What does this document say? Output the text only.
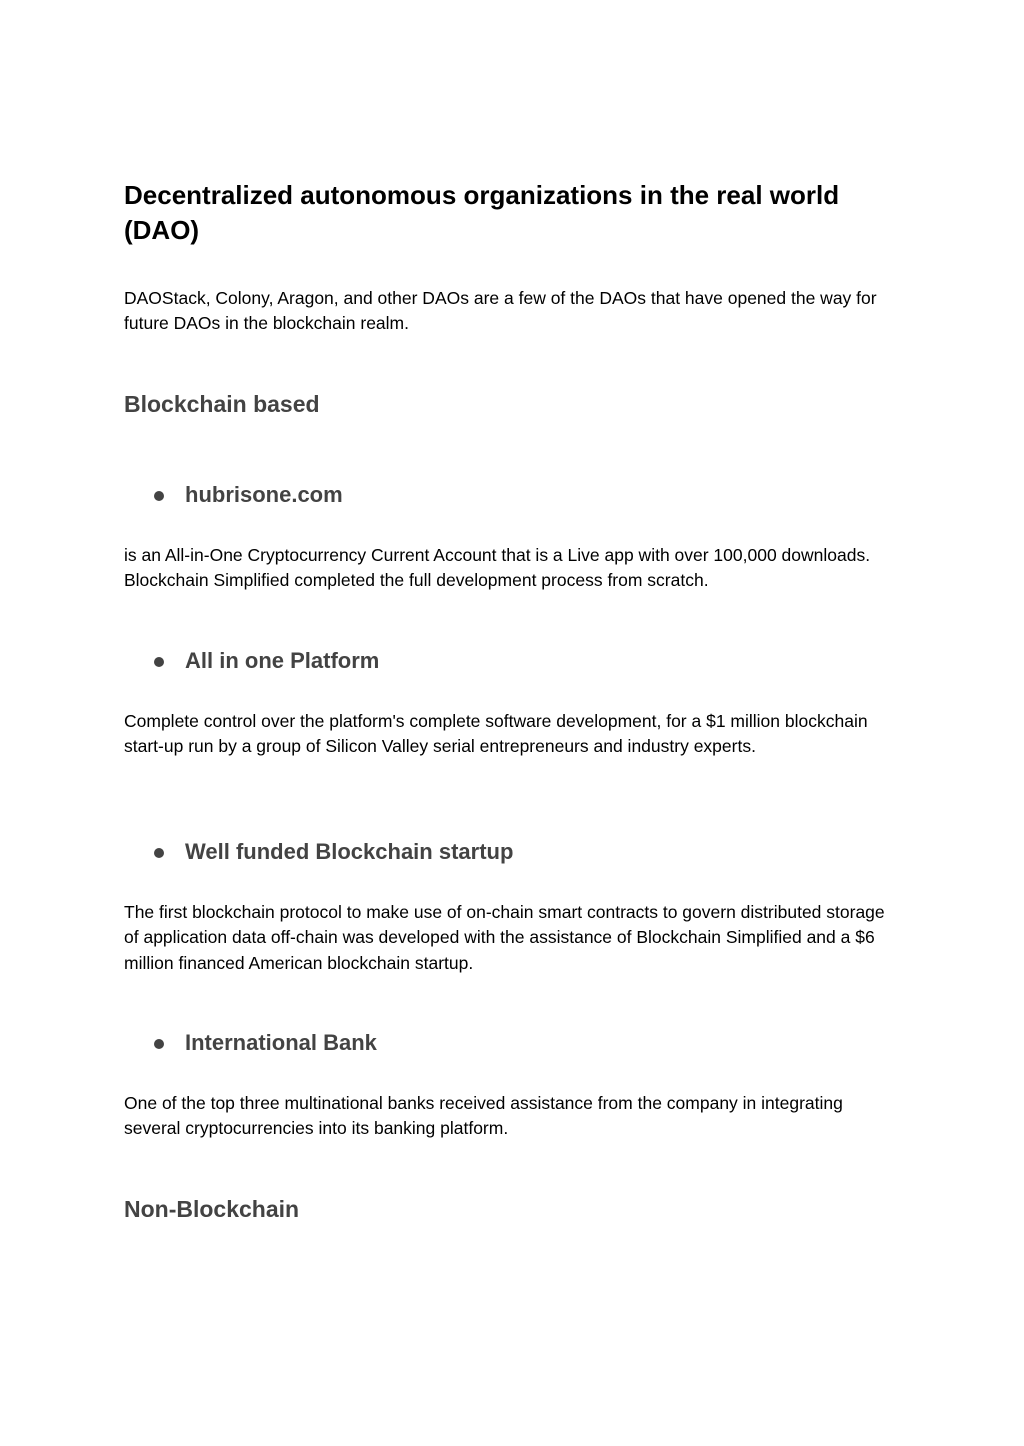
Decentralized autonomous organizations in the real world (DAO)

DAOStack, Colony, Aragon, and other DAOs are a few of the DAOs that have opened the way for future DAOs in the blockchain realm.

Blockchain based
hubrisone.com

is an All-in-One Cryptocurrency Current Account that is a Live app with over 100,000 downloads. Blockchain Simplified completed the full development process from scratch.

All in one Platform

Complete control over the platform's complete software development, for a $1 million blockchain start-up run by a group of Silicon Valley serial entrepreneurs and industry experts.

Well funded Blockchain startup

The first blockchain protocol to make use of on-chain smart contracts to govern distributed storage of application data off-chain was developed with the assistance of Blockchain Simplified and a $6 million financed American blockchain startup.

International Bank

One of the top three multinational banks received assistance from the company in integrating several cryptocurrencies into its banking platform.

Non-Blockchain
